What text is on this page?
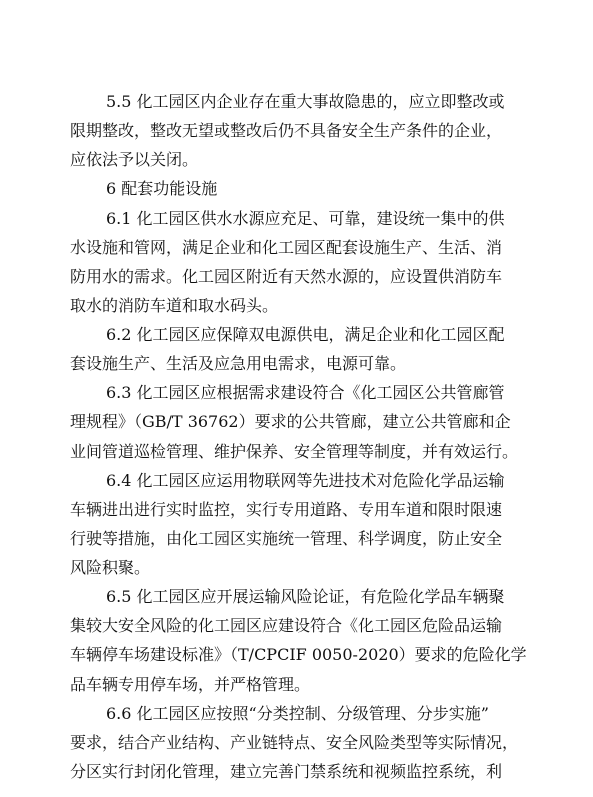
5.5 化工园区内企业存在重大事故隐患的，应立即整改或
限期整改，整改无望或整改后仍不具备安全生产条件的企业，
应依法予以关闭。
6 配套功能设施
6.1 化工园区供水水源应充足、可靠，建设统一集中的供
水设施和管网，满足企业和化工园区配套设施生产、生活、消
防用水的需求。化工园区附近有天然水源的，应设置供消防车
取水的消防车道和取水码头。
6.2 化工园区应保障双电源供电，满足企业和化工园区配
套设施生产、生活及应急用电需求，电源可靠。
6.3 化工园区应根据需求建设符合《化工园区公共管廊管
理规程》（GB/T 36762）要求的公共管廊，建立公共管廊和企
业间管道巡检管理、维护保养、安全管理等制度，并有效运行。
6.4 化工园区应运用物联网等先进技术对危险化学品运输
车辆进出进行实时监控，实行专用道路、专用车道和限时限速
行驶等措施，由化工园区实施统一管理、科学调度，防止安全
风险积聚。
6.5 化工园区应开展运输风险论证，有危险化学品车辆聚
集较大安全风险的化工园区应建设符合《化工园区危险品运输
车辆停车场建设标准》（T/CPCIF 0050-2020）要求的危险化学
品车辆专用停车场，并严格管理。
6.6 化工园区应按照“分类控制、分级管理、分步实施”
要求，结合产业结构、产业链特点、安全风险类型等实际情况，
分区实行封闭化管理，建立完善门禁系统和视频监控系统，利
